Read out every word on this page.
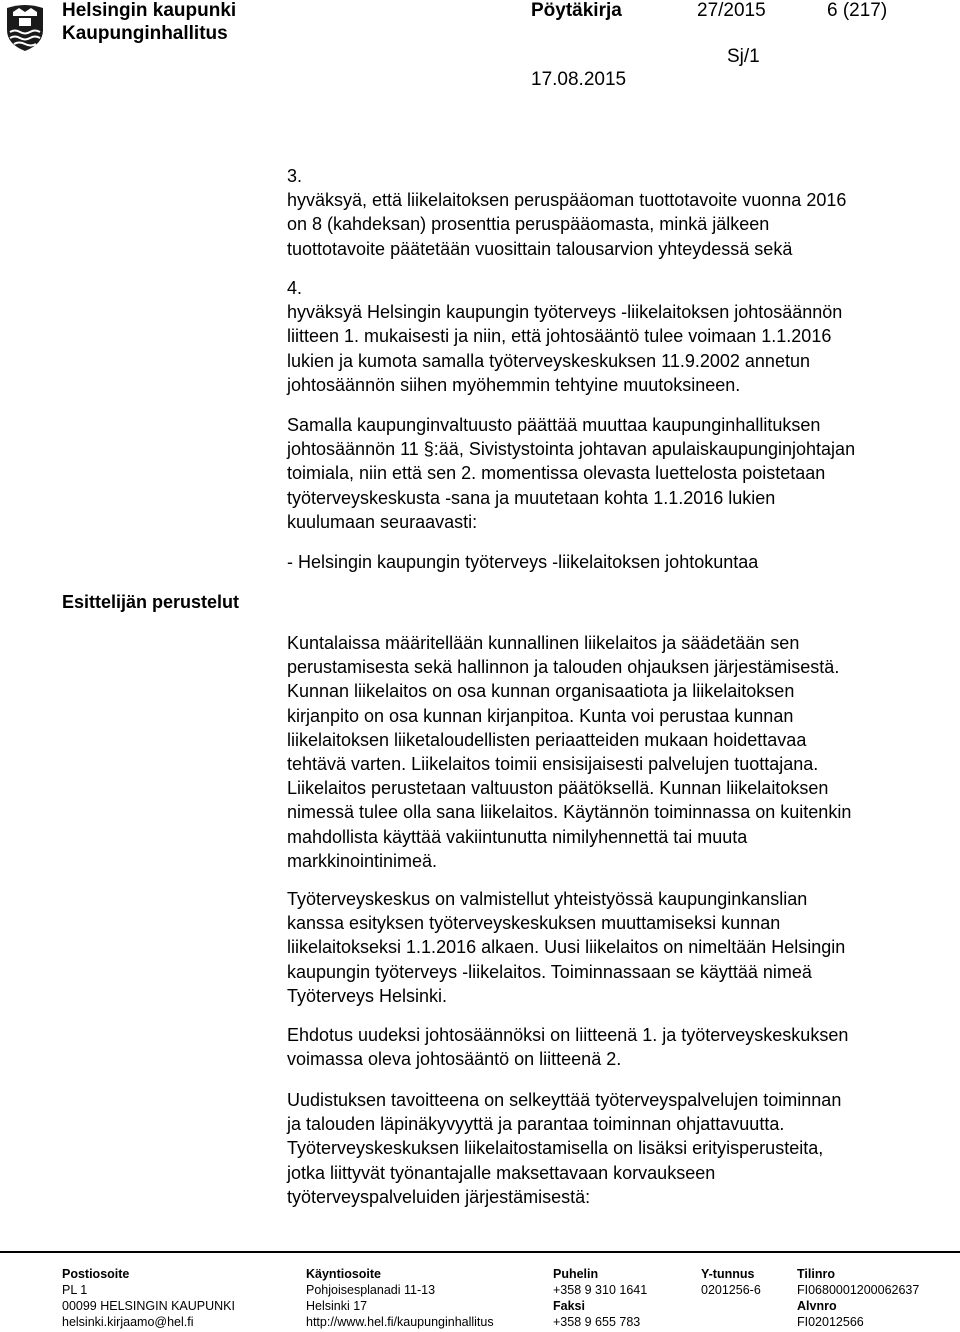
Helsingin kaupunki
Kaupunginhallitus
Pöytäkirja	27/2015	6 (217)
Sj/1
17.08.2015
Esittelijän perustelut
3.
hyväksyä, että liikelaitoksen peruspääoman tuottotavoite vuonna 2016
on 8 (kahdeksan) prosenttia peruspääomasta, minkä jälkeen
tuottotavoite päätetään vuosittain talousarvion yhteydessä sekä
4.
hyväksyä Helsingin kaupungin työterveys -liikelaitoksen johtosäännön
liitteen 1. mukaisesti ja niin, että johtosääntö tulee voimaan 1.1.2016
lukien ja kumota samalla työterveyskeskuksen 11.9.2002 annetun
johtosäännön siihen myöhemmin tehtyine muutoksineen.
Samalla kaupunginvaltuusto päättää muuttaa kaupunginhallituksen
johtosäännön 11 §:ää, Sivistystointa johtavan apulaiskaupunginjohtajan
toimiala, niin että sen 2. momentissa olevasta luettelosta poistetaan
työterveyskeskusta -sana ja muutetaan kohta 1.1.2016 lukien
kuulumaan seuraavasti:
- Helsingin kaupungin työterveys -liikelaitoksen johtokuntaa
Kuntalaissa määritellään kunnallinen liikelaitos ja säädetään sen
perustamisesta sekä hallinnon ja talouden ohjauksen järjestämisestä.
Kunnan liikelaitos on osa kunnan organisaatiota ja liikelaitoksen
kirjanpito on osa kunnan kirjanpitoa. Kunta voi perustaa kunnan
liikelaitoksen liiketaloudellisten periaatteiden mukaan hoidettavaa
tehtävä varten. Liikelaitos toimii ensisijaisesti palvelujen tuottajana.
Liikelaitos perustetaan valtuuston päätöksellä. Kunnan liikelaitoksen
nimessä tulee olla sana liikelaitos. Käytännön toiminnassa on kuitenkin
mahdollista käyttää vakiintunutta nimilyhennettä tai muuta
markkinointinimeä.
Työterveyskeskus on valmistellut yhteistyössä kaupunginkanslian
kanssa esityksen työterveyskeskuksen muuttamiseksi kunnan
liikelaitokseksi 1.1.2016 alkaen. Uusi liikelaitos on nimeltään Helsingin
kaupungin työterveys -liikelaitos. Toiminnassaan se käyttää nimeä
Työterveys Helsinki.
Ehdotus uudeksi johtosäännöksi on liitteenä 1. ja työterveyskeskuksen
voimassa oleva johtosääntö on liitteenä 2.
Uudistuksen tavoitteena on selkeyttää työterveyspalvelujen toiminnan
ja talouden läpinäkyvyyttä ja parantaa toiminnan ohjattavuutta.
Työterveyskeskuksen liikelaitostamisella on lisäksi erityisperusteita,
jotka liittyvät työnantajalle maksettavaan korvaukseen
työterveyspalveluiden järjestämisestä:
Postiosoite
PL 1
00099 HELSINGIN KAUPUNKI
helsinki.kirjaamo@hel.fi
Käyntiosoite
Pohjoisesplanadi 11-13
Helsinki 17
http://www.hel.fi/kaupunginhallitus
Puhelin
+358 9 310 1641
Faksi
+358 9 655 783
Y-tunnus
0201256-6
Tilinro
FI0680001200062637
Alvnro
FI02012566
